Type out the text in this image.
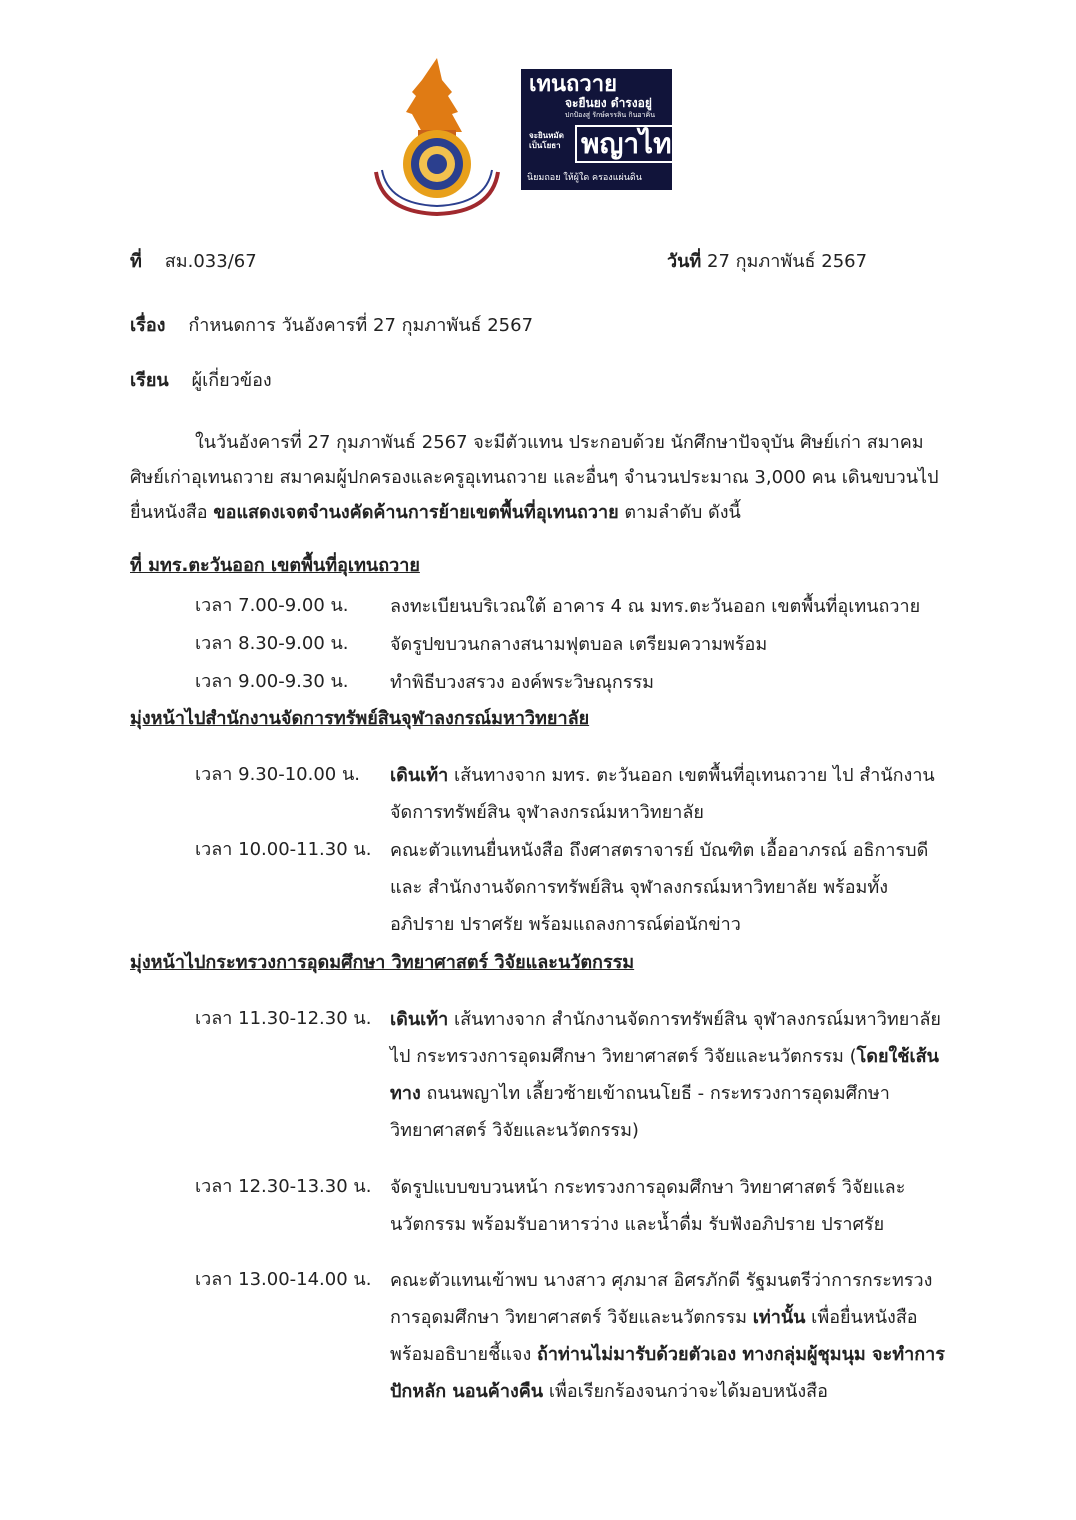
เทนถวาย
จะยืนยง ดำรงอยู่
ปกป้องสู่ รักษ์ครรลิน กินอาคิน
จะยินหมัด เป็นโยธา พญาไท
นิยมถอย ให้ผู้ใด ครองแผ่นดิน
ที่ สม.033/67	วันที่ 27 กุมภาพันธ์ 2567
เรื่อง กำหนดการ วันอังคารที่ 27 กุมภาพันธ์ 2567
เรียน ผู้เกี่ยวข้อง
ในวันอังคารที่ 27 กุมภาพันธ์ 2567 จะมีตัวแทน ประกอบด้วย นักศึกษาปัจจุบัน ศิษย์เก่า สมาคมศิษย์เก่าอุเทนถวาย สมาคมผู้ปกครองและครูอุเทนถวาย และอื่นๆ จำนวนประมาณ 3,000 คน เดินขบวนไปยื่นหนังสือ ขอแสดงเจตจำนงคัดค้านการย้ายเขตพื้นที่อุเทนถวาย ตามลำดับ ดังนี้
ที่ มทร.ตะวันออก เขตพื้นที่อุเทนถวาย
เวลา 7.00-9.00 น. ลงทะเบียนบริเวณใต้ อาคาร 4 ณ มทร.ตะวันออก เขตพื้นที่อุเทนถวาย
เวลา 8.30-9.00 น. จัดรูปขบวนกลางสนามฟุตบอล เตรียมความพร้อม
เวลา 9.00-9.30 น. ทำพิธีบวงสรวง องค์พระวิษณุกรรม
มุ่งหน้าไปสำนักงานจัดการทรัพย์สินจุฬาลงกรณ์มหาวิทยาลัย
เวลา 9.30-10.00 น. เดินเท้า เส้นทางจาก มทร. ตะวันออก เขตพื้นที่อุเทนถวาย ไป สำนักงานจัดการทรัพย์สิน จุฬาลงกรณ์มหาวิทยาลัย
เวลา 10.00-11.30 น. คณะตัวแทนยื่นหนังสือ ถึงศาสตราจารย์ บัณฑิต เอื้ออาภรณ์ อธิการบดี และ สำนักงานจัดการทรัพย์สิน จุฬาลงกรณ์มหาวิทยาลัย พร้อมทั้งอภิปราย ปราศรัย พร้อมแถลงการณ์ต่อนักข่าว
มุ่งหน้าไปกระทรวงการอุดมศึกษา วิทยาศาสตร์ วิจัยและนวัตกรรม
เวลา 11.30-12.30 น. เดินเท้า เส้นทางจาก สำนักงานจัดการทรัพย์สิน จุฬาลงกรณ์มหาวิทยาลัย ไป กระทรวงการอุดมศึกษา วิทยาศาสตร์ วิจัยและนวัตกรรม (โดยใช้เส้นทาง ถนนพญาไท เลี้ยวซ้ายเข้าถนนโยธี - กระทรวงการอุดมศึกษา วิทยาศาสตร์ วิจัยและนวัตกรรม)
เวลา 12.30-13.30 น. จัดรูปแบบขบวนหน้า กระทรวงการอุดมศึกษา วิทยาศาสตร์ วิจัยและนวัตกรรม พร้อมรับอาหารว่าง และน้ำดื่ม รับฟังอภิปราย ปราศรัย
เวลา 13.00-14.00 น. คณะตัวแทนเข้าพบ นางสาว ศุภมาส อิศรภักดี รัฐมนตรีว่าการกระทรวงการอุดมศึกษา วิทยาศาสตร์ วิจัยและนวัตกรรม เท่านั้น เพื่อยื่นหนังสือ พร้อมอธิบายชี้แจง ถ้าท่านไม่มารับด้วยตัวเอง ทางกลุ่มผู้ชุมนุม จะทำการปักหลัก นอนค้างคืน เพื่อเรียกร้องจนกว่าจะได้มอบหนังสือ
